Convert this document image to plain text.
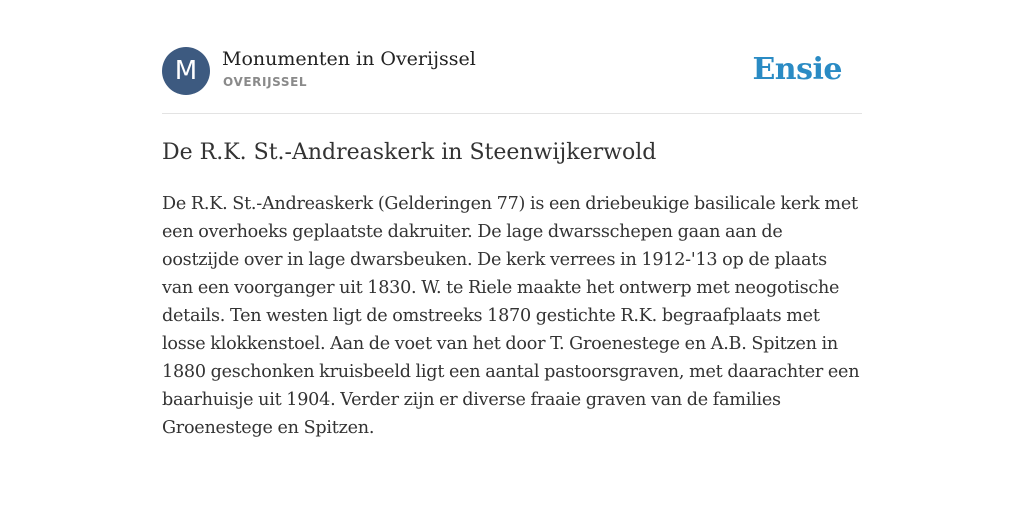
M	Monumenten in Overijssel
OVERIJSSEL	Ensie
De R.K. St.-Andreaskerk in Steenwijkerwold

De R.K. St.-Andreaskerk (Gelderingen 77) is een driebeukige basilicale kerk met een overhoeks geplaatste dakruiter. De lage dwarsschepen gaan aan de oostzijde over in lage dwarsbeuken. De kerk verrees in 1912-'13 op de plaats van een voorganger uit 1830. W. te Riele maakte het ontwerp met neogotische details. Ten westen ligt de omstreeks 1870 gestichte R.K. begraafplaats met losse klokkenstoel. Aan de voet van het door T. Groenestege en A.B. Spitzen in 1880 geschonken kruisbeeld ligt een aantal pastoorsgraven, met daarachter een baarhuisje uit 1904. Verder zijn er diverse fraaie graven van de families Groenestege en Spitzen.
